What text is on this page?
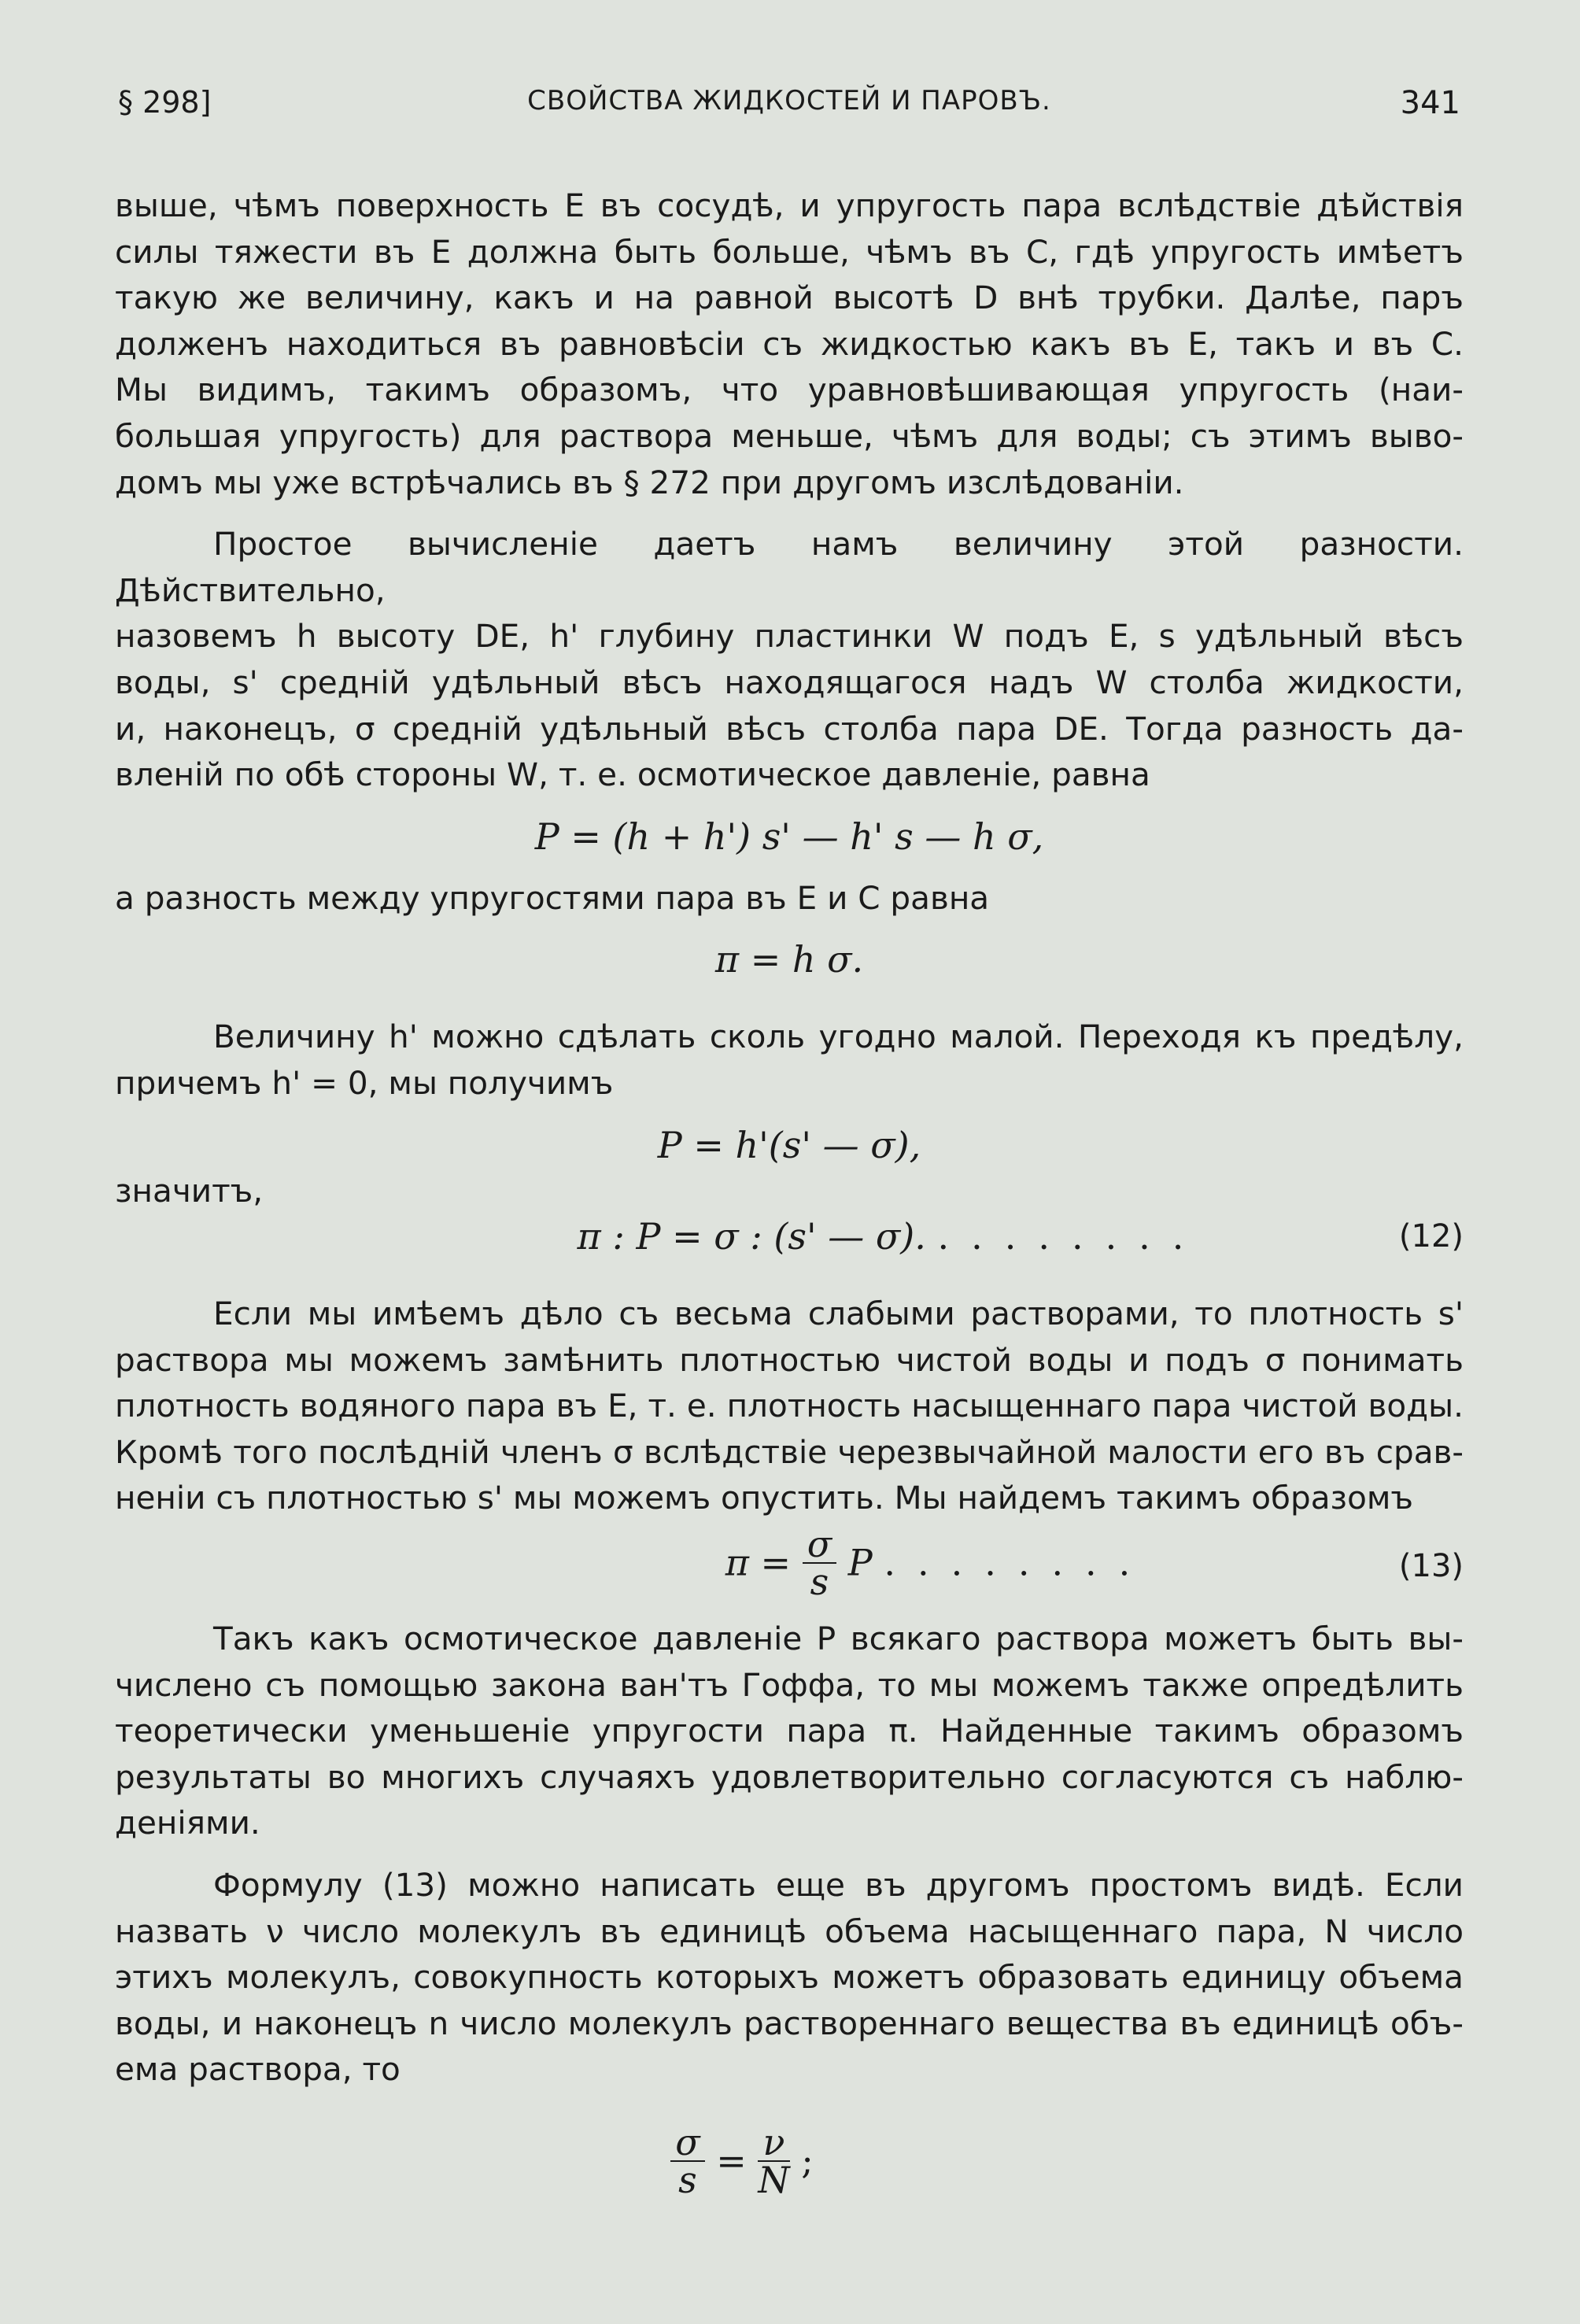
§ 298]	СВОЙСТВА ЖИДКОСТЕЙ И ПАРОВЪ.	341
выше, чѣмъ поверхность E въ сосудѣ, и упругость пара вслѣдствіе дѣйствія
силы тяжести въ E должна быть больше, чѣмъ въ C, гдѣ упругость имѣетъ
такую же величину, какъ и на равной высотѣ D внѣ трубки. Далѣе, паръ
долженъ находиться въ равновѣсіи съ жидкостью какъ въ E, такъ и въ C.
Мы видимъ, такимъ образомъ, что уравновѣшивающая упругость (наи-
большая упругость) для раствора меньше, чѣмъ для воды; съ этимъ выво-
домъ мы уже встрѣчались въ § 272 при другомъ изслѣдованіи.
Простое вычисленіе даетъ намъ величину этой разности. Дѣйствительно,
назовемъ h высоту DE, h' глубину пластинки W подъ E, s удѣльный вѣсъ
воды, s' средній удѣльный вѣсъ находящагося надъ W столба жидкости,
и, наконецъ, σ средній удѣльный вѣсъ столба пара DE. Тогда разность да-
вленій по обѣ стороны W, т. е. осмотическое давленіе, равна
P = (h + h') s' — h' s — h σ,
а разность между упругостями пара въ E и C равна
π = h σ.
Величину h' можно сдѣлать сколь угодно малой. Переходя къ предѣлу,
причемъ h' = 0, мы получимъ
P = h'(s' — σ),
значитъ,
π : P = σ : (s' — σ). ........	(12)
Если мы имѣемъ дѣло съ весьма слабыми растворами, то плотность s'
раствора мы можемъ замѣнить плотностью чистой воды и подъ σ понимать
плотность водяного пара въ E, т. е. плотность насыщеннаго пара чистой воды.
Кромѣ того послѣдній членъ σ вслѣдствіе черезвычайной малости его въ срав-
неніи съ плотностью s' мы можемъ опустить. Мы найдемъ такимъ образомъ
$\pi = \frac{\sigma}{s}$ P ........	(13)
Такъ какъ осмотическое давленіе P всякаго раствора можетъ быть вы-
числено съ помощью закона ван'тъ Гоффа, то мы можемъ также опредѣлить
теоретически уменьшеніе упругости пара π. Найденные такимъ образомъ
результаты во многихъ случаяхъ удовлетворительно согласуются съ наблю-
деніями.
Формулу (13) можно написать еще въ другомъ простомъ видѣ. Если
назвать ν число молекулъ въ единицѣ объема насыщеннаго пара, N число
этихъ молекулъ, совокупность которыхъ можетъ образовать единицу объема
воды, и наконецъ n число молекулъ раствореннаго вещества въ единицѣ объ-
ема раствора, то
$\frac{\sigma}{s} = \frac{\nu}{N}$ ;
